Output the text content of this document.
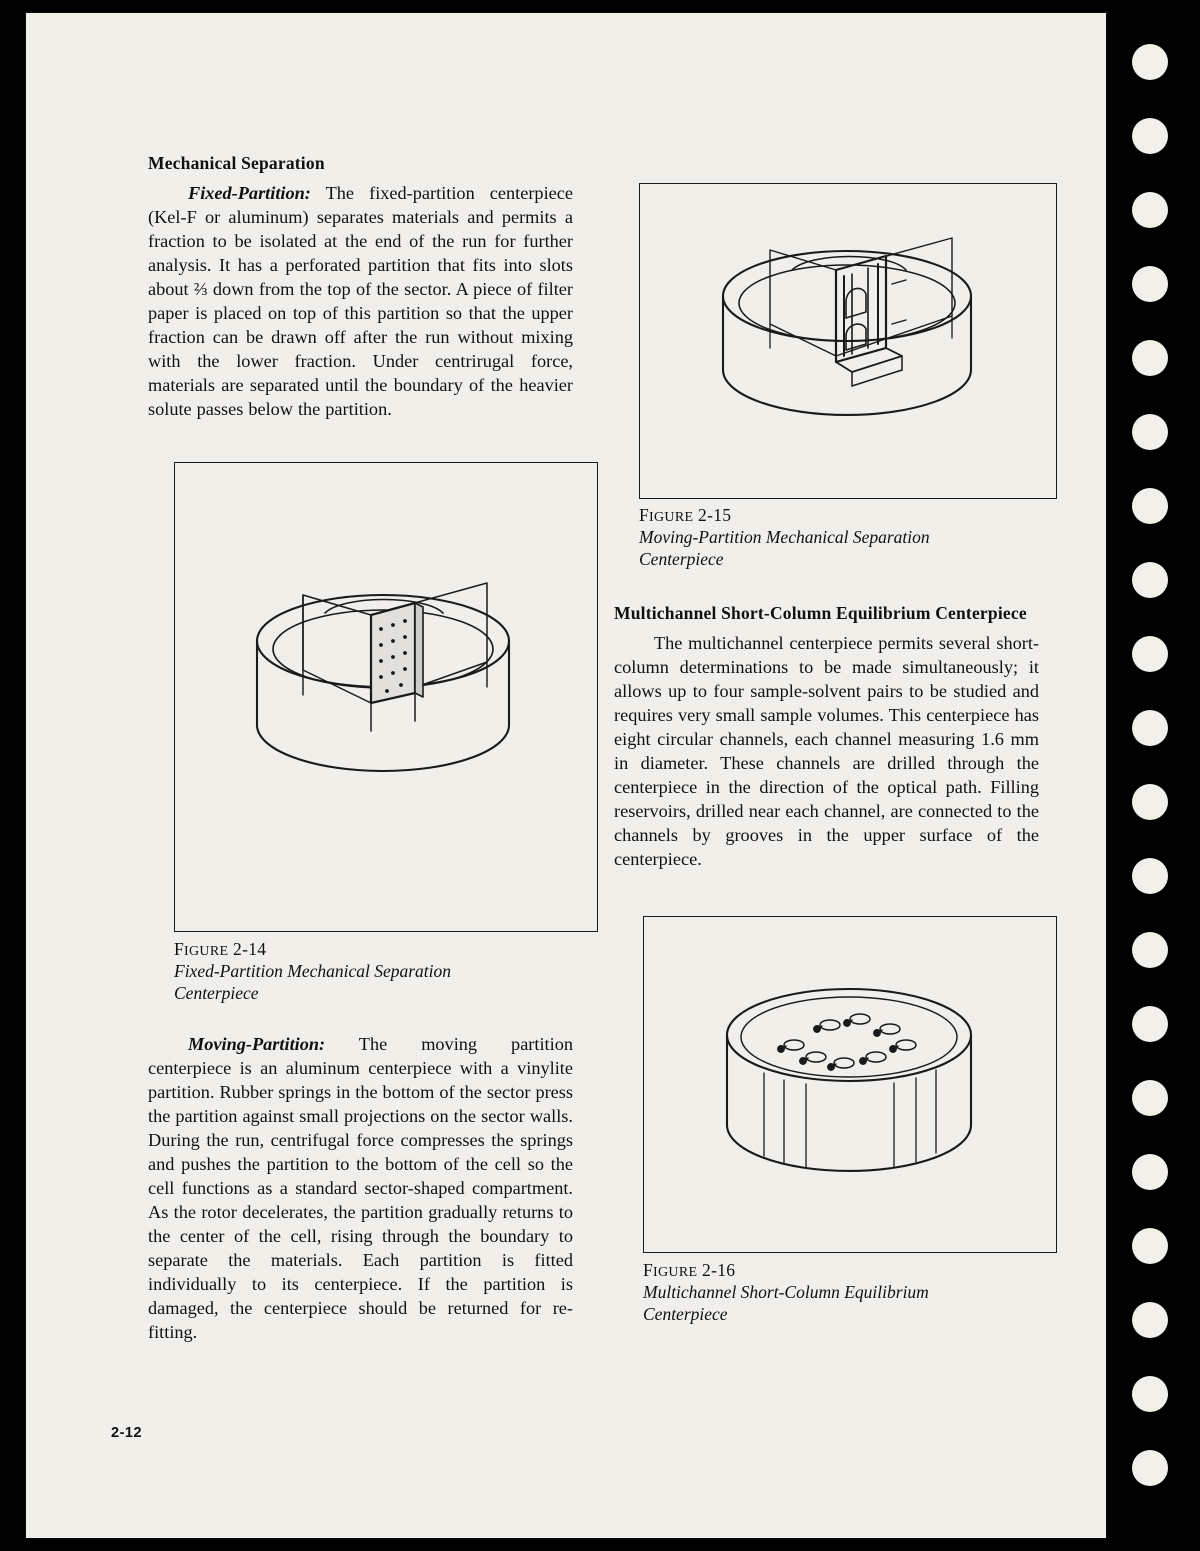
Mechanical Separation

Fixed-Partition: The fixed-partition centerpiece (Kel-F or aluminum) separates materials and permits a fraction to be isolated at the end of the run for further analysis. It has a perforated partition that fits into slots about ⅔ down from the top of the sector. A piece of filter paper is placed on top of this partition so that the upper fraction can be drawn off after the run without mixing with the lower fraction. Under centrirugal force, materials are separated until the boundary of the heavier solute passes below the partition.

FIGURE 2-14
Fixed-Partition Mechanical Separation
Centerpiece

Moving-Partition: The moving partition centerpiece is an aluminum centerpiece with a vinylite partition. Rubber springs in the bottom of the sector press the partition against small projections on the sector walls. During the run, centrifugal force compresses the springs and pushes the partition to the bottom of the cell so the cell functions as a standard sector-shaped compartment. As the rotor decelerates, the partition gradually returns to the center of the cell, rising through the boundary to separate the materials. Each partition is fitted individually to its centerpiece. If the partition is damaged, the centerpiece should be returned for re-fitting.

FIGURE 2-15
Moving-Partition Mechanical Separation
Centerpiece
Multichannel Short-Column Equilibrium Centerpiece

The multichannel centerpiece permits several short-column determinations to be made simultaneously; it allows up to four sample-solvent pairs to be studied and requires very small sample volumes. This centerpiece has eight circular channels, each channel measuring 1.6 mm in diameter. These channels are drilled through the centerpiece in the direction of the optical path. Filling reservoirs, drilled near each channel, are connected to the channels by grooves in the upper surface of the centerpiece.

FIGURE 2-16
Multichannel Short-Column Equilibrium
Centerpiece
2-12
